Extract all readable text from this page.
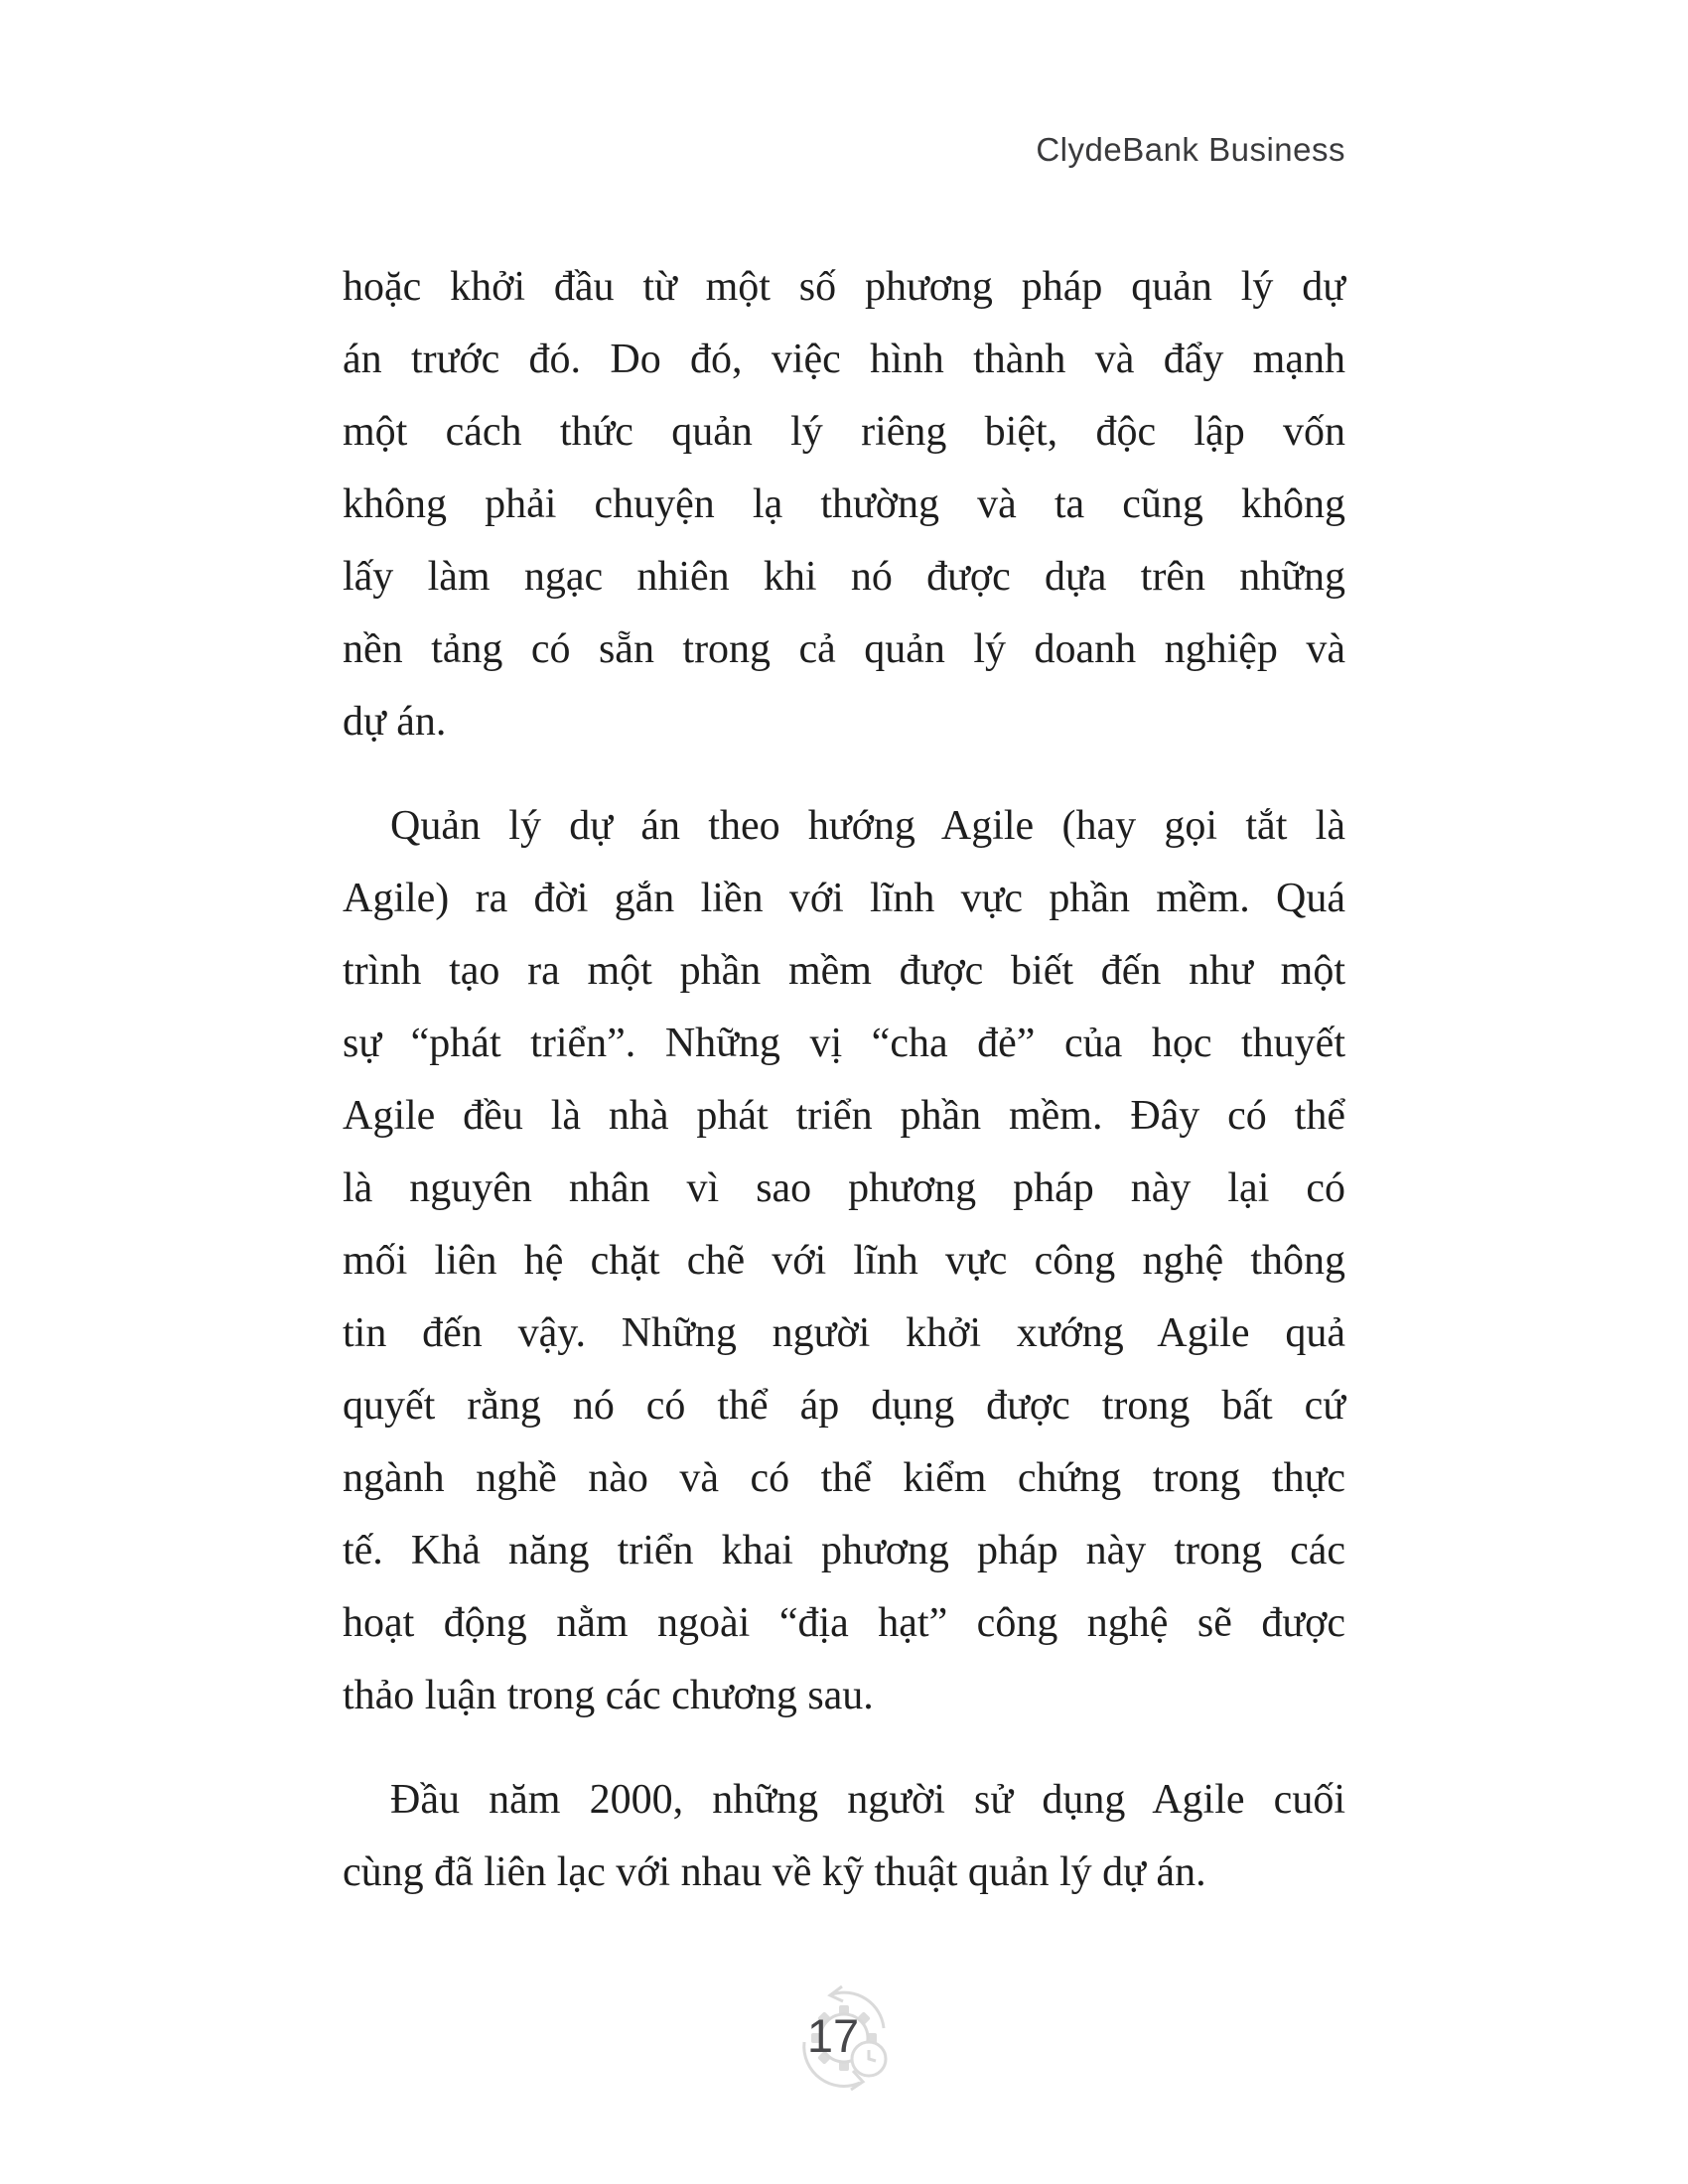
ClydeBank Business
hoặc khởi đầu từ một số phương pháp quản lý dự
án trước đó. Do đó, việc hình thành và đẩy mạnh
một cách thức quản lý riêng biệt, độc lập vốn
không phải chuyện lạ thường và ta cũng không
lấy làm ngạc nhiên khi nó được dựa trên những
nền tảng có sẵn trong cả quản lý doanh nghiệp và
dự án.
Quản lý dự án theo hướng Agile (hay gọi tắt là
Agile) ra đời gắn liền với lĩnh vực phần mềm. Quá
trình tạo ra một phần mềm được biết đến như một
sự “phát triển”. Những vị “cha đẻ” của học thuyết
Agile đều là nhà phát triển phần mềm. Đây có thể
là nguyên nhân vì sao phương pháp này lại có
mối liên hệ chặt chẽ với lĩnh vực công nghệ thông
tin đến vậy. Những người khởi xướng Agile quả
quyết rằng nó có thể áp dụng được trong bất cứ
ngành nghề nào và có thể kiểm chứng trong thực
tế. Khả năng triển khai phương pháp này trong các
hoạt động nằm ngoài “địa hạt” công nghệ sẽ được
thảo luận trong các chương sau.
Đầu năm 2000, những người sử dụng Agile cuối
cùng đã liên lạc với nhau về kỹ thuật quản lý dự án.
17
